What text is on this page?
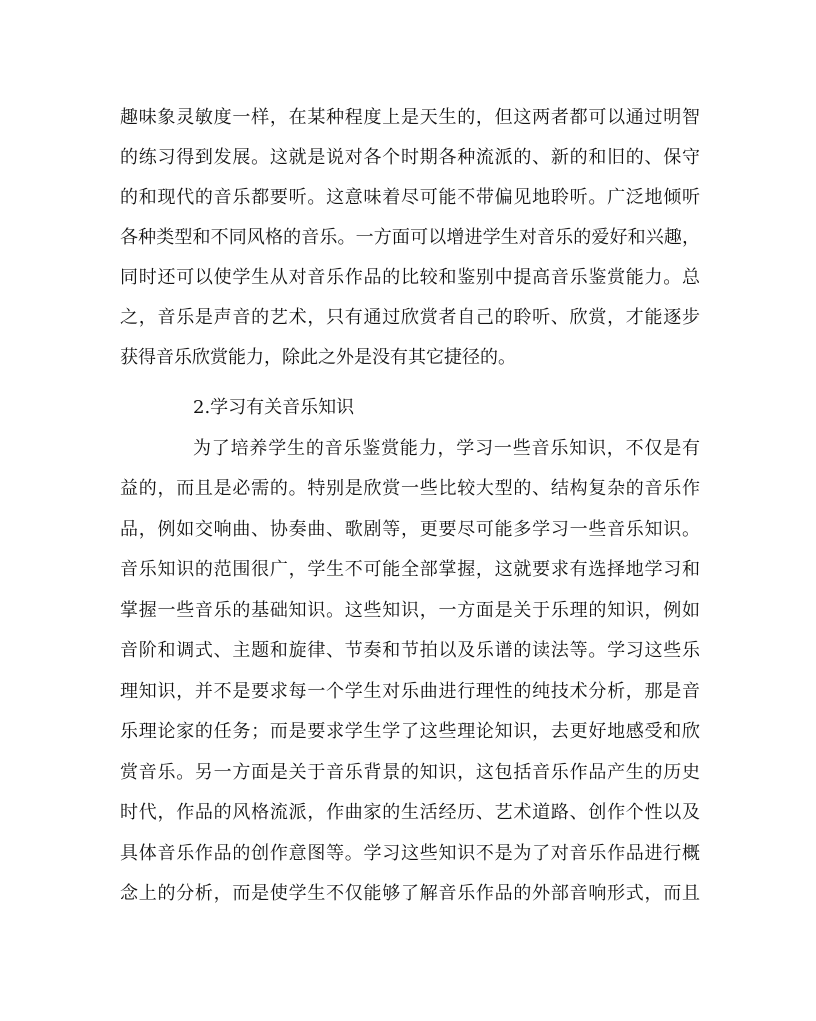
趣味象灵敏度一样，在某种程度上是天生的，但这两者都可以通过明智
的练习得到发展。这就是说对各个时期各种流派的、新的和旧的、保守
的和现代的音乐都要听。这意味着尽可能不带偏见地聆听。广泛地倾听
各种类型和不同风格的音乐。一方面可以增进学生对音乐的爱好和兴趣，
同时还可以使学生从对音乐作品的比较和鉴别中提高音乐鉴赏能力。总
之，音乐是声音的艺术，只有通过欣赏者自己的聆听、欣赏，才能逐步
获得音乐欣赏能力，除此之外是没有其它捷径的。
2.学习有关音乐知识
为了培养学生的音乐鉴赏能力，学习一些音乐知识，不仅是有
益的，而且是必需的。特别是欣赏一些比较大型的、结构复杂的音乐作
品，例如交响曲、协奏曲、歌剧等，更要尽可能多学习一些音乐知识。
音乐知识的范围很广，学生不可能全部掌握，这就要求有选择地学习和
掌握一些音乐的基础知识。这些知识，一方面是关于乐理的知识，例如
音阶和调式、主题和旋律、节奏和节拍以及乐谱的读法等。学习这些乐
理知识，并不是要求每一个学生对乐曲进行理性的纯技术分析，那是音
乐理论家的任务；而是要求学生学了这些理论知识，去更好地感受和欣
赏音乐。另一方面是关于音乐背景的知识，这包括音乐作品产生的历史
时代，作品的风格流派，作曲家的生活经历、艺术道路、创作个性以及
具体音乐作品的创作意图等。学习这些知识不是为了对音乐作品进行概
念上的分析，而是使学生不仅能够了解音乐作品的外部音响形式，而且
